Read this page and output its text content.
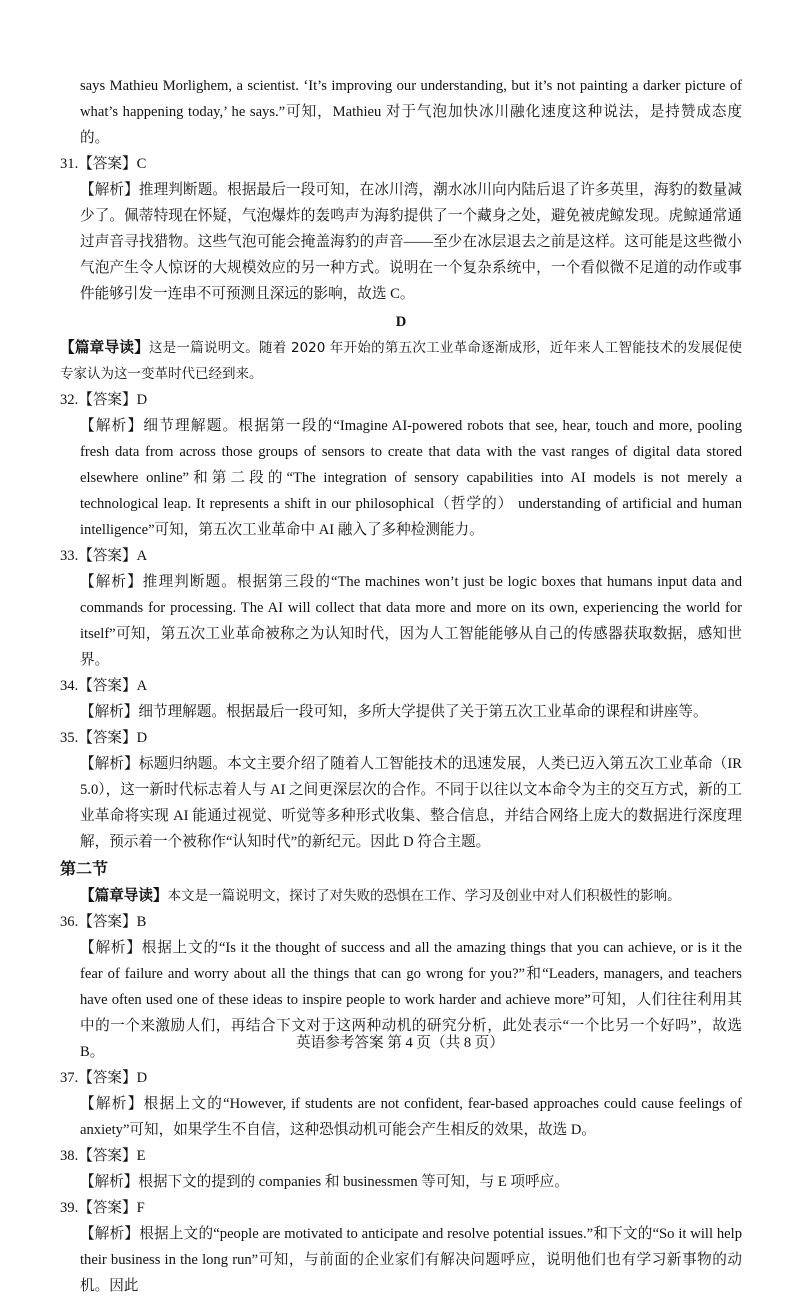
says Mathieu Morlighem, a scientist. ‘It’s improving our understanding, but it’s not painting a darker picture of what’s happening today,’ he says.”可知，Mathieu 对于气泡加快冰川融化速度这种说法，是持赞成态度的。

31.【答案】C

【解析】推理判断题。根据最后一段可知，在冰川湾，潮水冰川向内陆后退了许多英里，海豹的数量减少了。佩蒂特现在怀疑，气泡爆炸的轰鸣声为海豹提供了一个藏身之处，避免被虎鲸发现。虎鲸通常通过声音寻找猎物。这些气泡可能会掩盖海豹的声音——至少在冰层退去之前是这样。这可能是这些微小气泡产生令人惊讶的大规模效应的另一种方式。说明在一个复杂系统中，一个看似微不足道的动作或事件能够引发一连串不可预测且深远的影响，故选 C。

D

【篇章导读】这是一篇说明文。随着 2020 年开始的第五次工业革命逐渐成形，近年来人工智能技术的发展促使专家认为这一变革时代已经到来。

32.【答案】D

【解析】细节理解题。根据第一段的“Imagine AI-powered robots that see, hear, touch and more, pooling fresh data from across those groups of sensors to create that data with the vast ranges of digital data stored elsewhere online”和第二段的“The integration of sensory capabilities into AI models is not merely a technological leap. It represents a shift in our philosophical（哲学的） understanding of artificial and human intelligence”可知，第五次工业革命中 AI 融入了多种检测能力。

33.【答案】A

【解析】推理判断题。根据第三段的“The machines won’t just be logic boxes that humans input data and commands for processing. The AI will collect that data more and more on its own, experiencing the world for itself”可知，第五次工业革命被称之为认知时代，因为人工智能能够从自己的传感器获取数据，感知世界。

34.【答案】A

【解析】细节理解题。根据最后一段可知，多所大学提供了关于第五次工业革命的课程和讲座等。

35.【答案】D

【解析】标题归纳题。本文主要介绍了随着人工智能技术的迅速发展，人类已迈入第五次工业革命（IR 5.0），这一新时代标志着人与 AI 之间更深层次的合作。不同于以往以文本命令为主的交互方式，新的工业革命将实现 AI 能通过视觉、听觉等多种形式收集、整合信息，并结合网络上庞大的数据进行深度理解，预示着一个被称作“认知时代”的新纪元。因此 D 符合主题。

第二节

【篇章导读】本文是一篇说明文，探讨了对失败的恐惧在工作、学习及创业中对人们积极性的影响。

36.【答案】B

【解析】根据上文的“Is it the thought of success and all the amazing things that you can achieve, or is it the fear of failure and worry about all the things that can go wrong for you?”和“Leaders, managers, and teachers have often used one of these ideas to inspire people to work harder and achieve more”可知，人们往往利用其中的一个来激励人们，再结合下文对于这两种动机的研究分析，此处表示“一个比另一个好吗”，故选 B。

37.【答案】D

【解析】根据上文的“However, if students are not confident, fear-based approaches could cause feelings of anxiety”可知，如果学生不自信，这种恐惧动机可能会产生相反的效果，故选 D。

38.【答案】E

【解析】根据下文的提到的 companies 和 businessmen 等可知，与 E 项呼应。

39.【答案】F

【解析】根据上文的“people are motivated to anticipate and resolve potential issues.”和下文的“So it will help their business in the long run”可知，与前面的企业家们有解决问题呼应，说明他们也有学习新事物的动机。因此

英语参考答案 第 4 页（共 8 页）
